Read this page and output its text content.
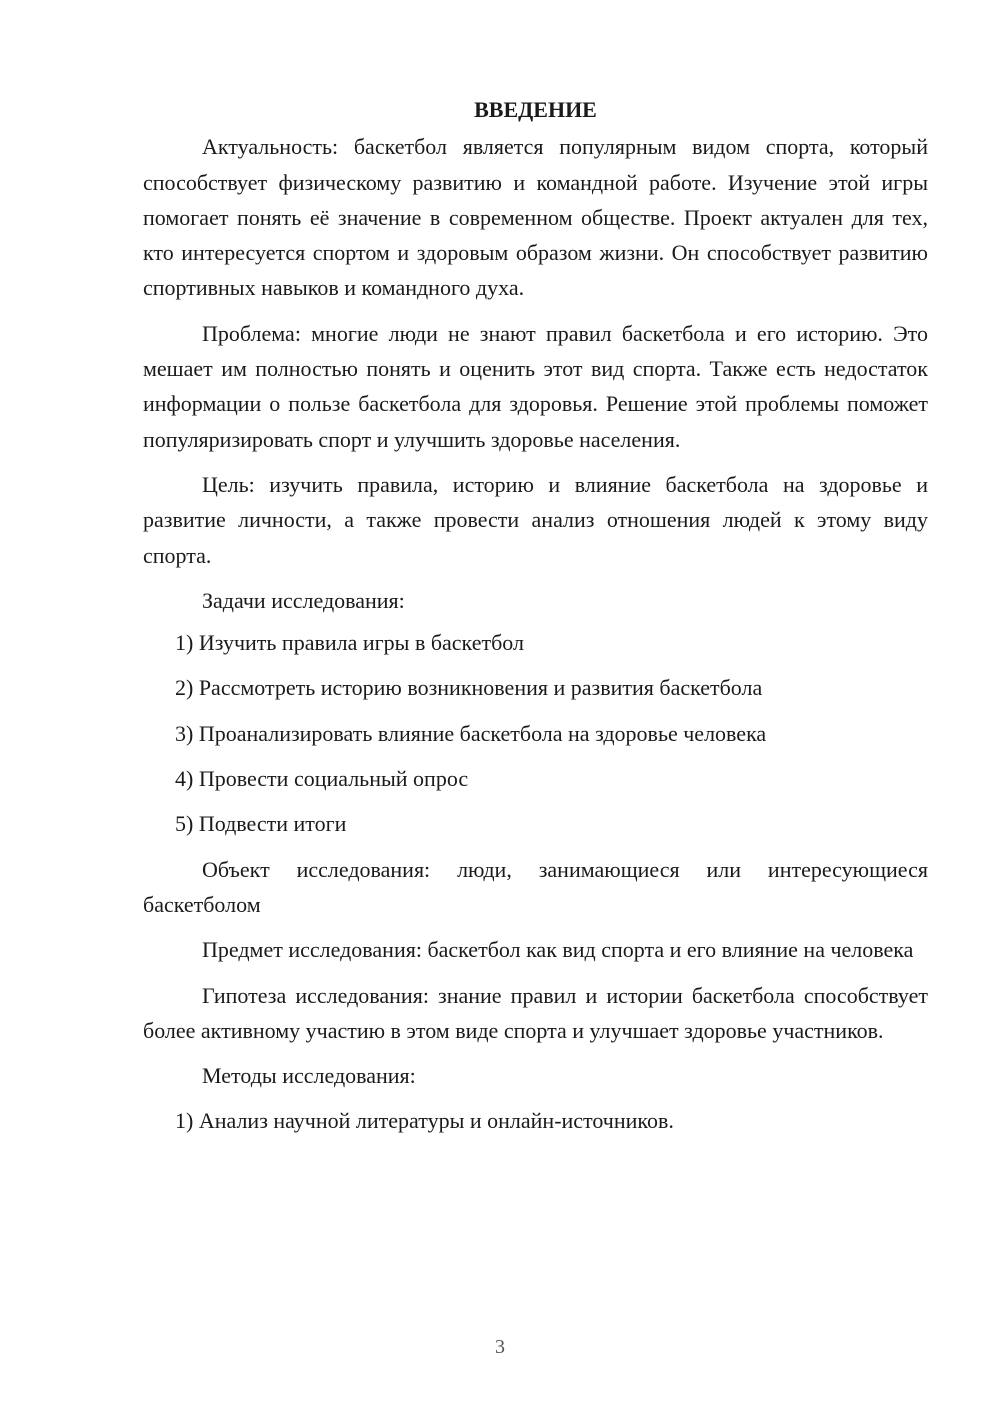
ВВЕДЕНИЕ

Актуальность: баскетбол является популярным видом спорта, который способствует физическому развитию и командной работе. Изучение этой игры помогает понять её значение в современном обществе. Проект актуален для тех, кто интересуется спортом и здоровым образом жизни. Он способствует развитию спортивных навыков и командного духа.

Проблема: многие люди не знают правил баскетбола и его историю. Это мешает им полностью понять и оценить этот вид спорта. Также есть недостаток информации о пользе баскетбола для здоровья. Решение этой проблемы поможет популяризировать спорт и улучшить здоровье населения.

Цель: изучить правила, историю и влияние баскетбола на здоровье и развитие личности, а также провести анализ отношения людей к этому виду спорта.

Задачи исследования:

1) Изучить правила игры в баскетбол
2) Рассмотреть историю возникновения и развития баскетбола
3) Проанализировать влияние баскетбола на здоровье человека
4) Провести социальный опрос
5) Подвести итоги

Объект исследования: люди, занимающиеся или интересующиеся баскетболом

Предмет исследования: баскетбол как вид спорта и его влияние на человека

Гипотеза исследования: знание правил и истории баскетбола способствует более активному участию в этом виде спорта и улучшает здоровье участников.

Методы исследования:

1) Анализ научной литературы и онлайн-источников.
3
